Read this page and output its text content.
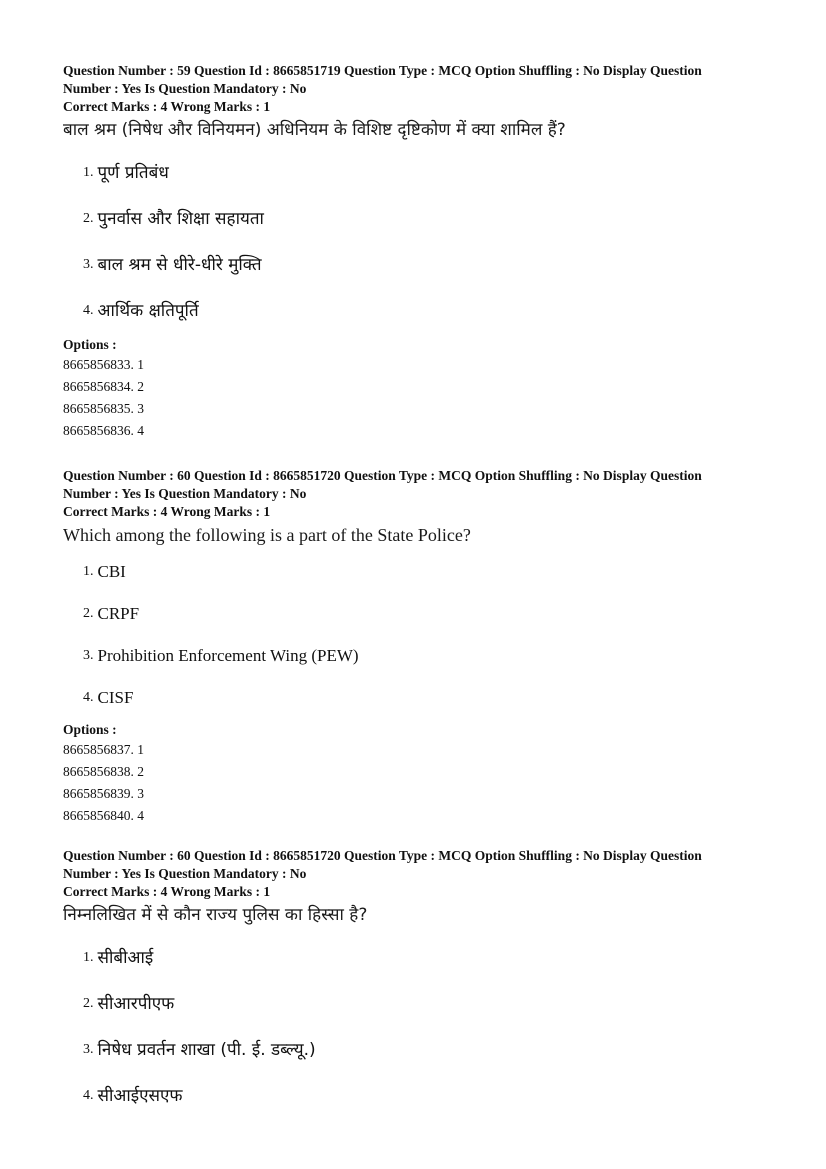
Question Number : 59 Question Id : 8665851719 Question Type : MCQ Option Shuffling : No Display Question

Number : Yes Is Question Mandatory : No

Correct Marks : 4 Wrong Marks : 1

बाल श्रम (निषेध और विनियमन) अधिनियम के विशिष्ट दृष्टिकोण में क्या शामिल हैं?

1. पूर्ण प्रतिबंध
2. पुनर्वास और शिक्षा सहायता
3. बाल श्रम से धीरे-धीरे मुक्ति
4. आर्थिक क्षतिपूर्ति

Options :

8665856833. 1

8665856834. 2

8665856835. 3

8665856836. 4

Question Number : 60 Question Id : 8665851720 Question Type : MCQ Option Shuffling : No Display Question

Number : Yes Is Question Mandatory : No

Correct Marks : 4 Wrong Marks : 1

Which among the following is a part of the State Police?

1. CBI
2. CRPF
3. Prohibition Enforcement Wing (PEW)
4. CISF

Options :

8665856837. 1

8665856838. 2

8665856839. 3

8665856840. 4

Question Number : 60 Question Id : 8665851720 Question Type : MCQ Option Shuffling : No Display Question

Number : Yes Is Question Mandatory : No

Correct Marks : 4 Wrong Marks : 1

निम्नलिखित में से कौन राज्य पुलिस का हिस्सा है?

1. सीबीआई
2. सीआरपीएफ
3. निषेध प्रवर्तन शाखा (पी. ई. डब्ल्यू.)
4. सीआईएसएफ
